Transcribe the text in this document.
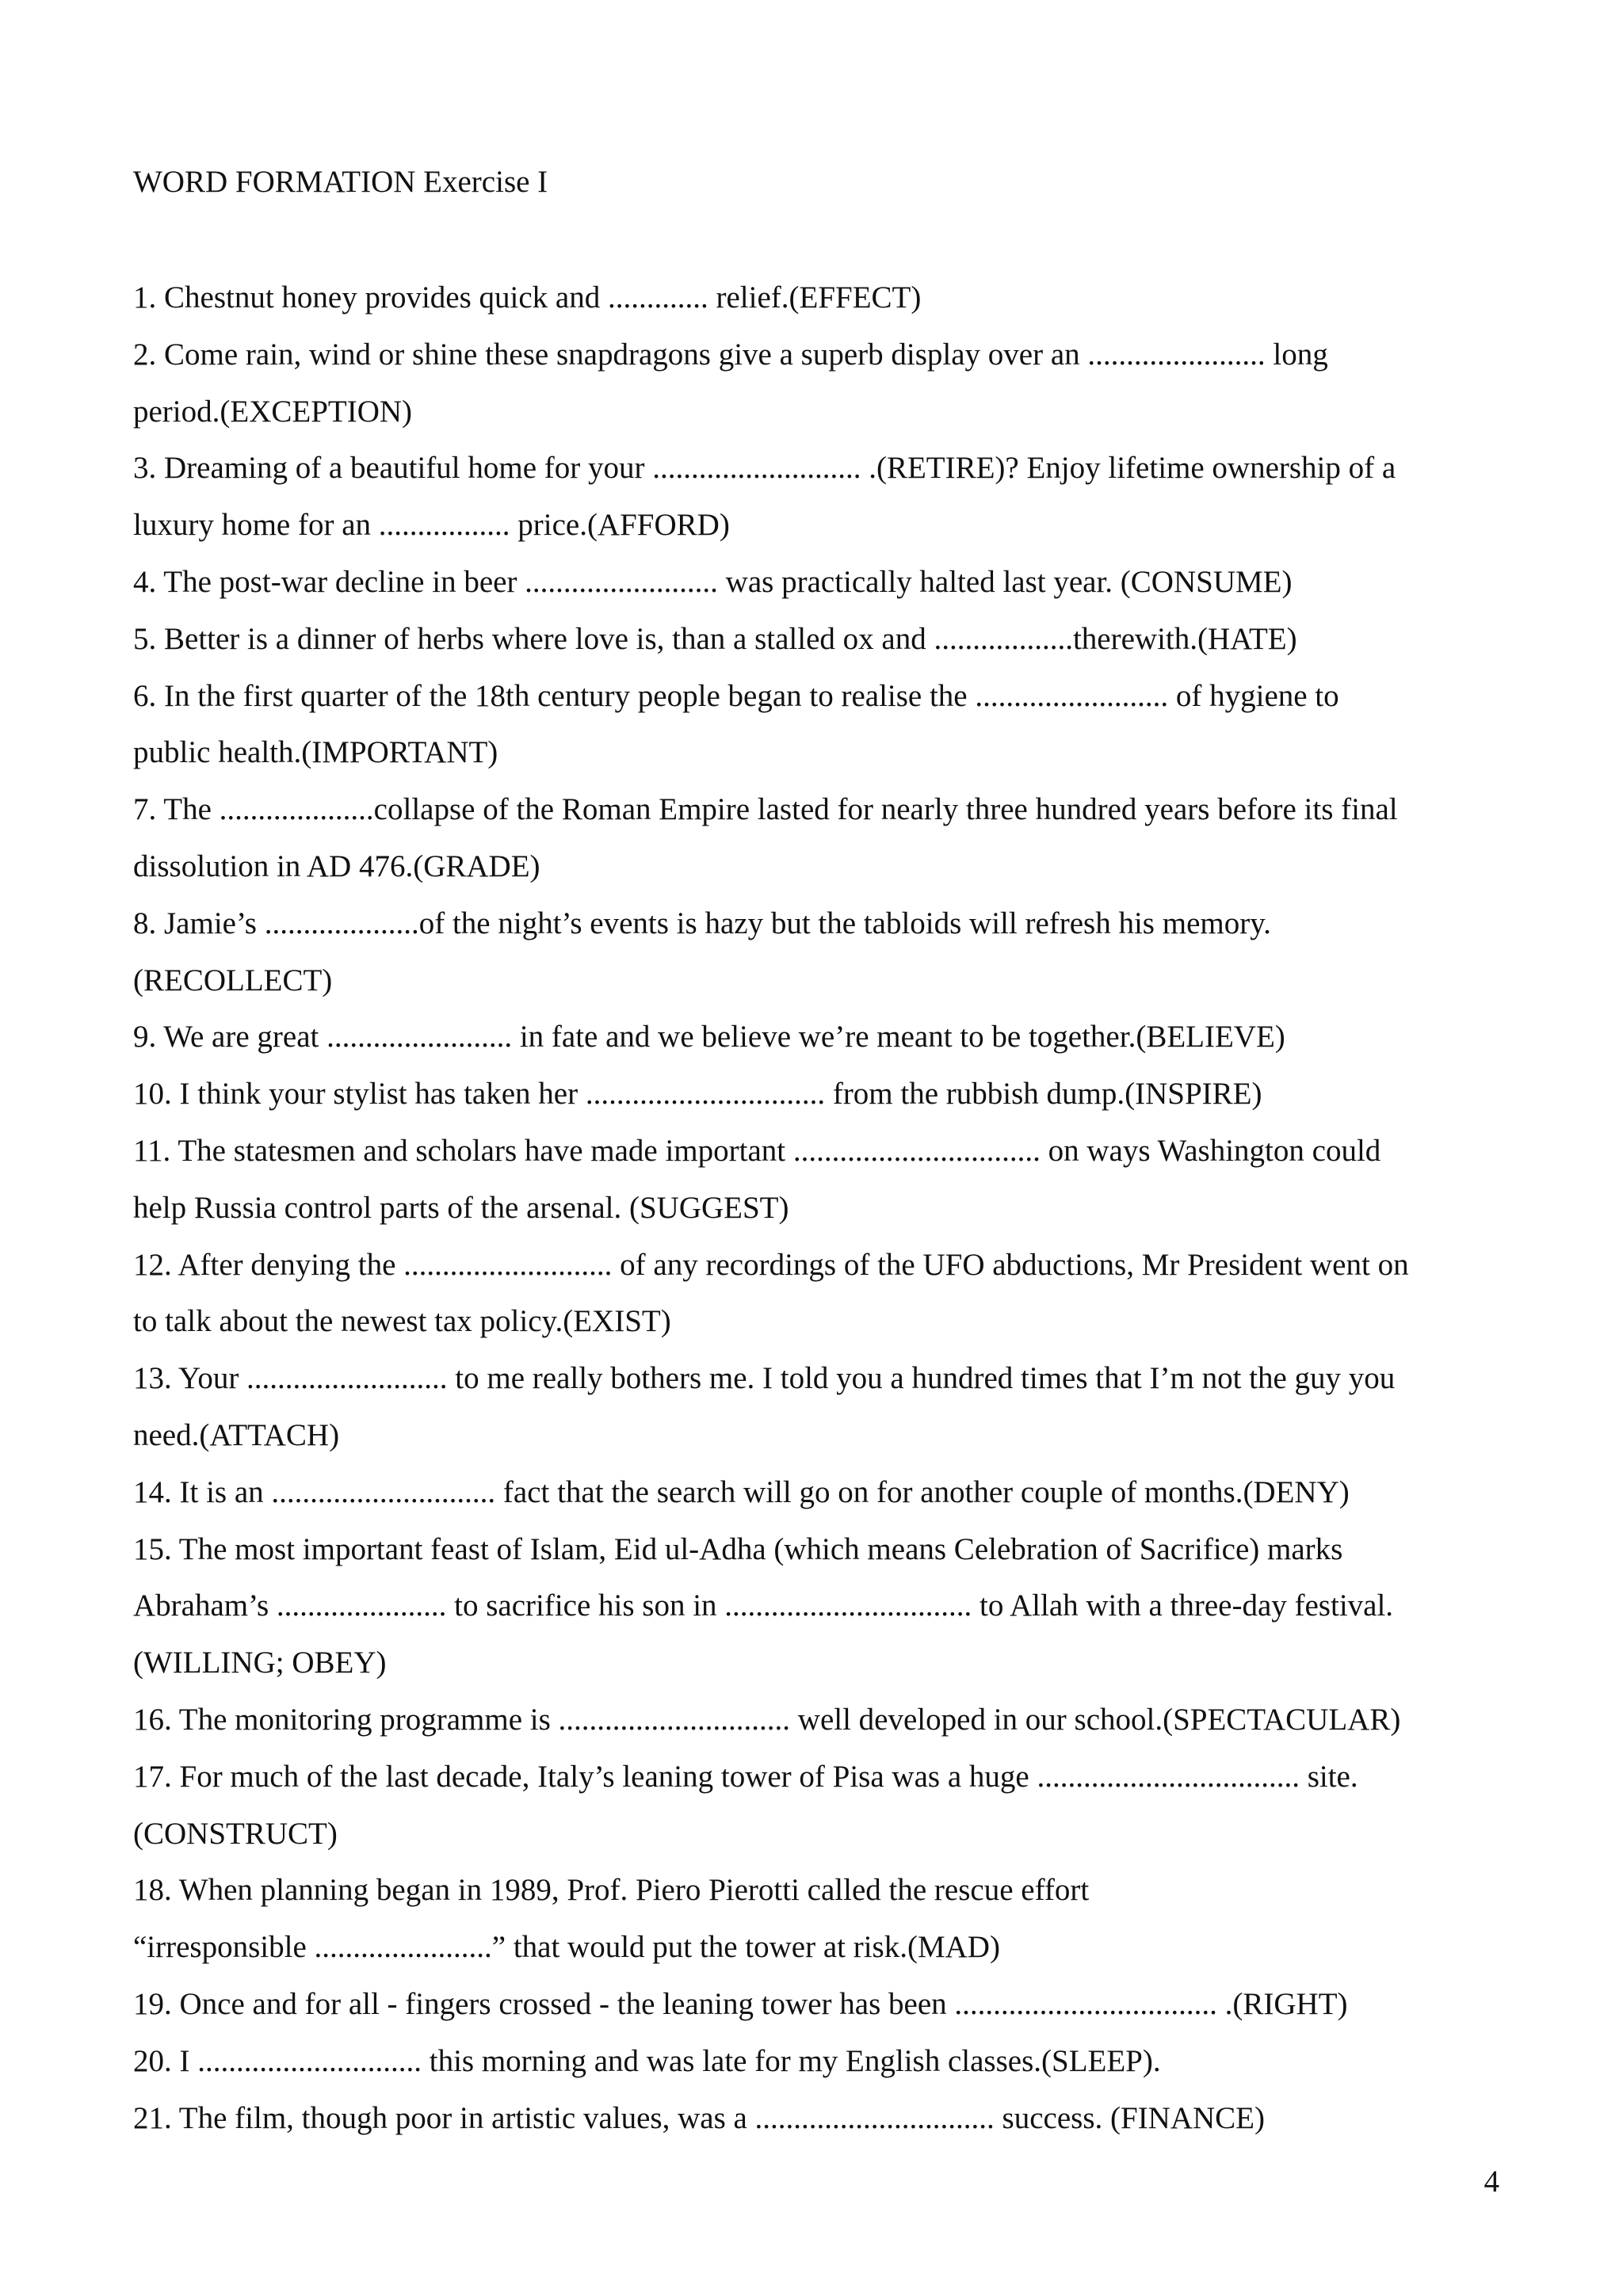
WORD FORMATION Exercise I
1. Chestnut honey provides quick and ............. relief.(EFFECT)
2. Come rain, wind or shine these snapdragons give a superb display over an ....................... long
period.(EXCEPTION)
3. Dreaming of a beautiful home for your ........................... .(RETIRE)? Enjoy lifetime ownership of a
luxury home for an ................. price.(AFFORD)
4. The post-war decline in beer ......................... was practically halted last year. (CONSUME)
5. Better is a dinner of herbs where love is, than a stalled ox and ..................therewith.(HATE)
6. In the first quarter of the 18th century people began to realise the ......................... of hygiene to
public health.(IMPORTANT)
7. The ....................collapse of the Roman Empire lasted for nearly three hundred years before its final
dissolution in AD 476.(GRADE)
8. Jamie’s ....................of the night’s events is hazy but the tabloids will refresh his memory.
(RECOLLECT)
9. We are great ........................ in fate and we believe we’re meant to be together.(BELIEVE)
10. I think your stylist has taken her ............................... from the rubbish dump.(INSPIRE)
11. The statesmen and scholars have made important ................................ on ways Washington could
help Russia control parts of the arsenal. (SUGGEST)
12. After denying the ........................... of any recordings of the UFO abductions, Mr President went on
to talk about the newest tax policy.(EXIST)
13. Your .......................... to me really bothers me. I told you a hundred times that I’m not the guy you
need.(ATTACH)
14. It is an ............................. fact that the search will go on for another couple of months.(DENY)
15. The most important feast of Islam, Eid ul-Adha (which means Celebration of Sacrifice) marks
Abraham’s ...................... to sacrifice his son in ................................ to Allah with a three-day festival.
(WILLING; OBEY)
16. The monitoring programme is .............................. well developed in our school.(SPECTACULAR)
17. For much of the last decade, Italy’s leaning tower of Pisa was a huge .................................. site.
(CONSTRUCT)
18. When planning began in 1989, Prof. Piero Pierotti called the rescue effort
“irresponsible .......................” that would put the tower at risk.(MAD)
19. Once and for all - fingers crossed - the leaning tower has been .................................. .(RIGHT)
20. I ............................. this morning and was late for my English classes.(SLEEP).
21. The film, though poor in artistic values, was a ............................... success. (FINANCE)
4
